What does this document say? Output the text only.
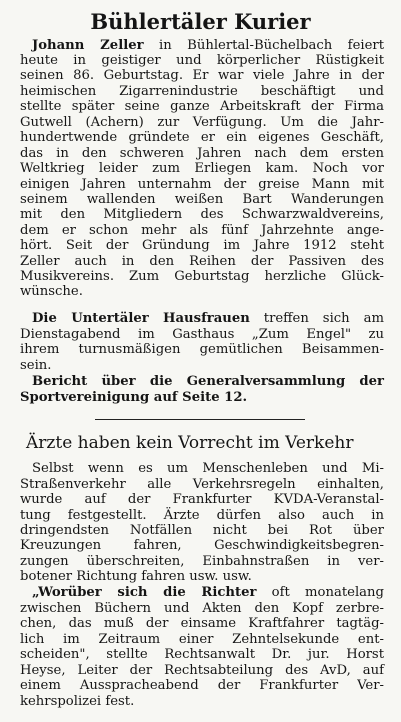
Bühlertäler Kurier
Johann Zeller in Bühlertal-Büchelbach feiert
heute in geistiger und körperlicher Rüstigkeit
seinen 86. Geburtstag. Er war viele Jahre in der
heimischen Zigarrenindustrie beschäftigt und
stellte später seine ganze Arbeitskraft der Firma
Gutwell (Achern) zur Verfügung. Um die Jahr-
hundertwende gründete er ein eigenes Geschäft,
das in den schweren Jahren nach dem ersten
Weltkrieg leider zum Erliegen kam. Noch vor
einigen Jahren unternahm der greise Mann mit
seinem wallenden weißen Bart Wanderungen
mit den Mitgliedern des Schwarzwaldvereins,
dem er schon mehr als fünf Jahrzehnte ange-
hört. Seit der Gründung im Jahre 1912 steht
Zeller auch in den Reihen der Passiven des
Musikvereins. Zum Geburtstag herzliche Glück-
wünsche.
Die Untertäler Hausfrauen treffen sich am
Dienstagabend im Gasthaus „Zum Engel" zu
ihrem turnusmäßigen gemütlichen Beisammen-
sein.
Bericht über die Generalversammlung der
Sportvereinigung auf Seite 12.
Ärzte haben kein Vorrecht im Verkehr
Selbst wenn es um Menschenleben und Mi-
Straßenverkehr alle Verkehrsregeln einhalten,
wurde auf der Frankfurter KVDA-Veranstal-
tung festgestellt. Ärzte dürfen also auch in
dringendsten Notfällen nicht bei Rot über
Kreuzungen fahren, Geschwindigkeitsbegren-
zungen überschreiten, Einbahnstraßen in ver-
botener Richtung fahren usw. usw.
„Worüber sich die Richter oft monatelang
zwischen Büchern und Akten den Kopf zerbre-
chen, das muß der einsame Kraftfahrer tagtäg-
lich im Zeitraum einer Zehntelsekunde ent-
scheiden", stellte Rechtsanwalt Dr. jur. Horst
Heyse, Leiter der Rechtsabteilung des AvD, auf
einem Ausspracheabend der Frankfurter Ver-
kehrspolizei fest.
